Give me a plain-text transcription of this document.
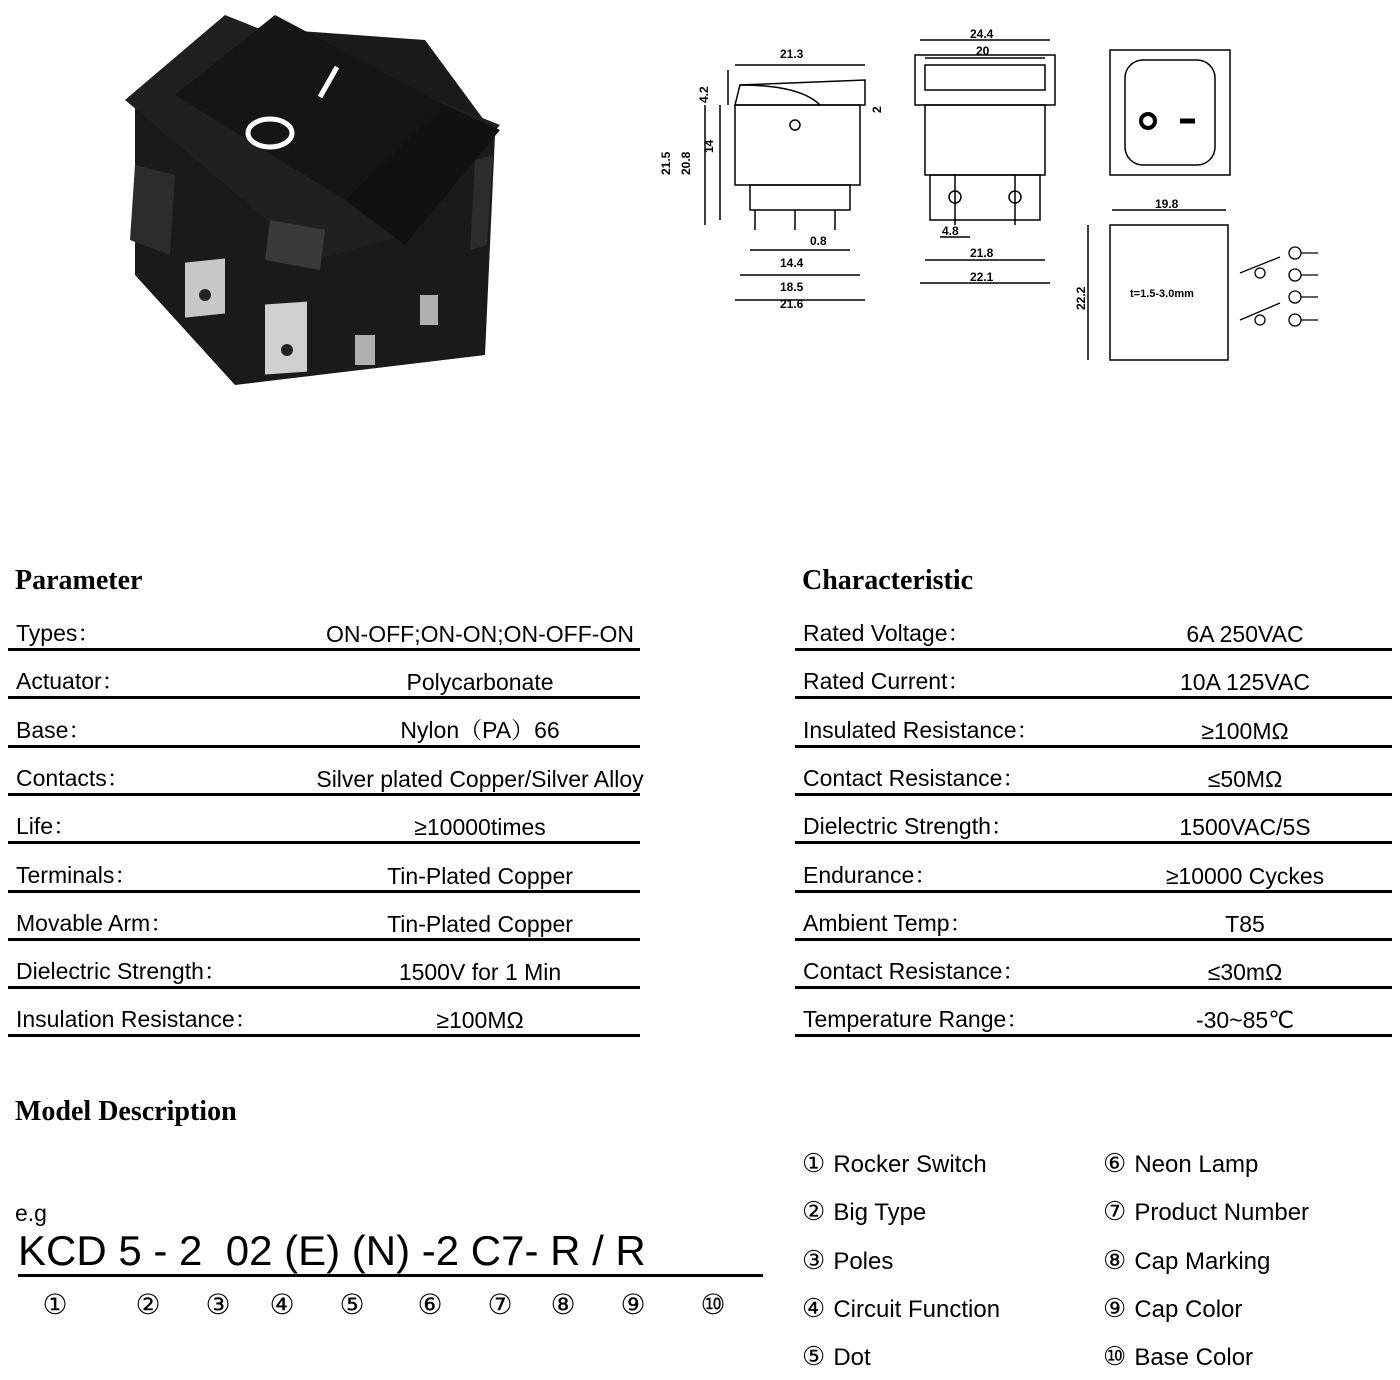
21.3
4.2
2
21.5 20.8
14
0.8
14.4
18.5
21.6
24.4
20
4.8
21.8
22.1
19.8
22.2	t=1.5-3.0mm
Parameter
Types：	ON-OFF;ON-ON;ON-OFF-ON
Actuator：	Polycarbonate
Base：	Nylon（PA）66
Contacts：	Silver plated Copper/Silver Alloy
Life：	≥10000times
Terminals：	Tin-Plated Copper
Movable Arm：	Tin-Plated Copper
Dielectric Strength：	1500V for 1 Min
Insulation Resistance：	≥100MΩ
Characteristic
Rated Voltage：	6A 250VAC
Rated Current：	10A 125VAC
Insulated Resistance：	≥100MΩ
Contact Resistance：	≤50MΩ
Dielectric Strength：	1500VAC/5S
Endurance：	≥10000 Cyckes
Ambient Temp：	T85
Contact Resistance：	≤30mΩ
Temperature Range：	-30~85℃
Model Description
e.g
KCD 5 - 2  02 (E) (N) -2 C7- R / R
① ② ③ ④ ⑤ ⑥ ⑦ ⑧ ⑨ ⑩
① Rocker Switch
② Big Type
③ Poles
④ Circuit Function
⑤ Dot
⑥ Neon Lamp
⑦ Product Number
⑧ Cap Marking
⑨ Cap Color
⑩ Base Color
